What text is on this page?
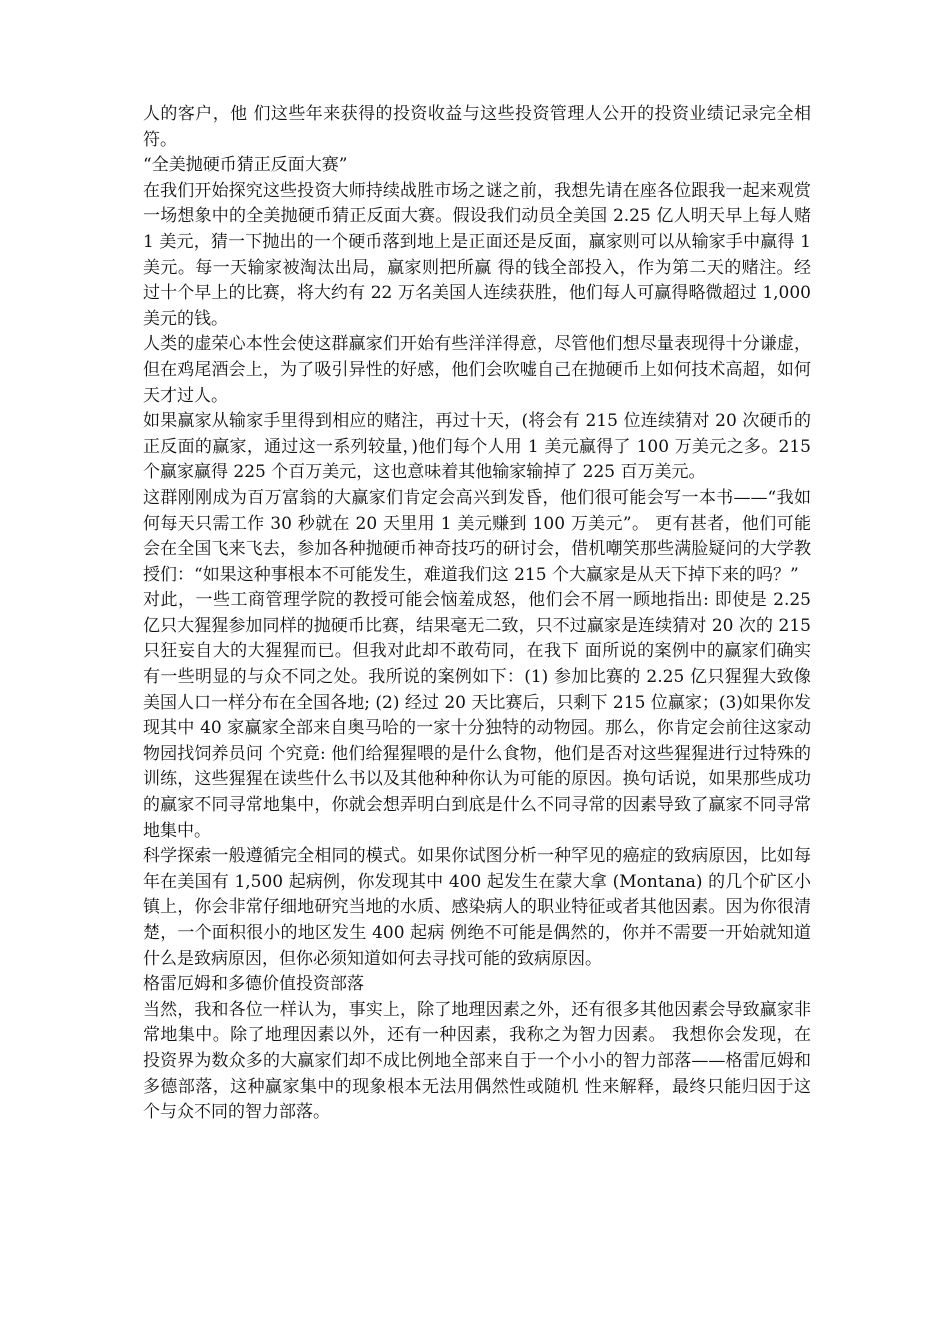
人的客户，他 们这些年来获得的投资收益与这些投资管理人公开的投资业绩记录完全相符。

“全美抛硬币猜正反面大赛”

在我们开始探究这些投资大师持续战胜市场之谜之前，我想先请在座各位跟我一起来观赏一场想象中的全美抛硬币猜正反面大赛。假设我们动员全美国 2.25 亿人明天早上每人赌 1 美元，猜一下抛出的一个硬币落到地上是正面还是反面，赢家则可以从输家手中赢得 1 美元。每一天输家被淘汰出局，赢家则把所赢 得的钱全部投入，作为第二天的赌注。经过十个早上的比赛，将大约有 22 万名美国人连续获胜，他们每人可赢得略微超过 1,000 美元的钱。

人类的虚荣心本性会使这群赢家们开始有些洋洋得意，尽管他们想尽量表现得十分谦虚，但在鸡尾酒会上，为了吸引异性的好感，他们会吹嘘自己在抛硬币上如何技术高超，如何天才过人。

如果赢家从输家手里得到相应的赌注，再过十天，(将会有 215 位连续猜对 20 次硬币的正反面的赢家，通过这一系列较量，)他们每个人用 1 美元赢得了 100 万美元之多。215 个赢家赢得 225 个百万美元，这也意味着其他输家输掉了 225 百万美元。

这群刚刚成为百万富翁的大赢家们肯定会高兴到发昏，他们很可能会写一本书——“我如何每天只需工作 30 秒就在 20 天里用 1 美元赚到 100 万美元”。 更有甚者，他们可能会在全国飞来飞去，参加各种抛硬币神奇技巧的研讨会，借机嘲笑那些满脸疑问的大学教授们：“如果这种事根本不可能发生，难道我们这 215 个大赢家是从天下掉下来的吗？”

对此，一些工商管理学院的教授可能会恼羞成怒，他们会不屑一顾地指出: 即使是 2.25 亿只大猩猩参加同样的抛硬币比赛，结果毫无二致，只不过赢家是连续猜对 20 次的 215 只狂妄自大的大猩猩而已。但我对此却不敢苟同，在我下 面所说的案例中的赢家们确实有一些明显的与众不同之处。我所说的案例如下：(1) 参加比赛的 2.25 亿只猩猩大致像美国人口一样分布在全国各地; (2) 经过 20 天比赛后，只剩下 215 位赢家；(3)如果你发现其中 40 家赢家全部来自奥马哈的一家十分独特的动物园。那么，你肯定会前往这家动物园找饲养员问 个究竟: 他们给猩猩喂的是什么食物，他们是否对这些猩猩进行过特殊的训练，这些猩猩在读些什么书以及其他种种你认为可能的原因。换句话说，如果那些成功的赢家不同寻常地集中，你就会想弄明白到底是什么不同寻常的因素导致了赢家不同寻常地集中。

科学探索一般遵循完全相同的模式。如果你试图分析一种罕见的癌症的致病原因，比如每年在美国有 1,500 起病例，你发现其中 400 起发生在蒙大拿 (Montana) 的几个矿区小镇上，你会非常仔细地研究当地的水质、感染病人的职业特征或者其他因素。因为你很清楚，一个面积很小的地区发生 400 起病 例绝不可能是偶然的，你并不需要一开始就知道什么是致病原因，但你必须知道如何去寻找可能的致病原因。

格雷厄姆和多德价值投资部落

当然，我和各位一样认为，事实上，除了地理因素之外，还有很多其他因素会导致赢家非常地集中。除了地理因素以外，还有一种因素，我称之为智力因素。 我想你会发现，在投资界为数众多的大赢家们却不成比例地全部来自于一个小小的智力部落——格雷厄姆和多德部落，这种赢家集中的现象根本无法用偶然性或随机 性来解释，最终只能归因于这个与众不同的智力部落。
